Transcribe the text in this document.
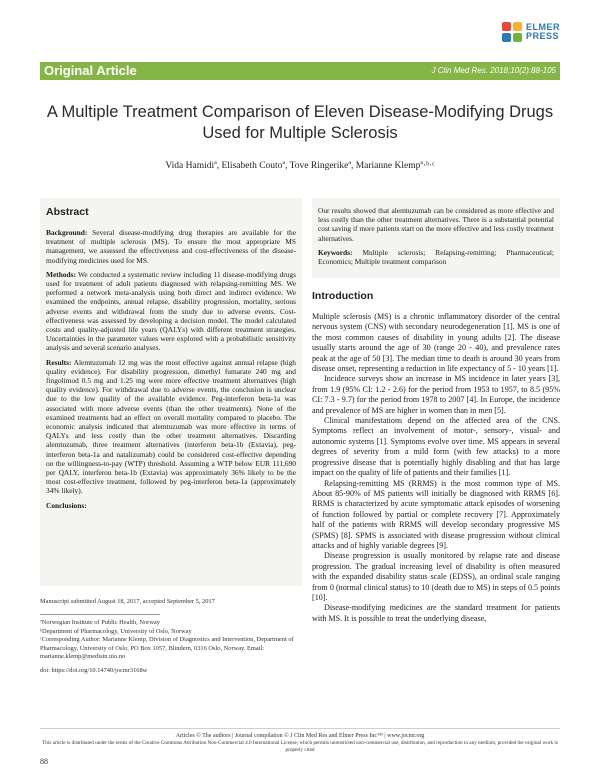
ELMER
PRESS
Original Article	J Clin Med Res. 2018;10(2):88-105
A Multiple Treatment Comparison of Eleven Disease-Modifying Drugs Used for Multiple Sclerosis
Vida Hamidiª, Elisabeth Coutoª, Tove Ringerikeª, Marianne Klempª·ᵇ·ᶜ
Abstract

Background: Several disease-modifying drug therapies are available for the treatment of multiple sclerosis (MS). To ensure the most appropriate MS management, we assessed the effectiveness and cost-effectiveness of the disease-modifying medicines used for MS.

Methods: We conducted a systematic review including 11 disease-modifying drugs used for treatment of adult patients diagnosed with relapsing-remitting MS. We performed a network meta-analysis using both direct and indirect evidence. We examined the endpoints, annual relapse, disability progression, mortality, serious adverse events and withdrawal from the study due to adverse events. Cost-effectiveness was assessed by developing a decision model. The model calculated costs and quality-adjusted life years (QALYs) with different treatment strategies. Uncertainties in the parameter values were explored with a probabilistic sensitivity analysis and several scenario analyses.

Results: Alemtuzumab 12 mg was the most effective against annual relapse (high quality evidence). For disability progression, dimethyl fumarate 240 mg and fingolimod 0.5 mg and 1.25 mg were more effective treatment alternatives (high quality evidence). For withdrawal due to adverse events, the conclusion is unclear due to the low quality of the available evidence. Peg-interferon beta-1a was associated with more adverse events (than the other treatments). None of the examined treatments had an effect on overall mortality compared to placebo. The economic analysis indicated that alemtuzumab was more effective in terms of QALYs and less costly than the other treatment alternatives. Discarding alemtuzumab, three treatment alternatives (interferon beta-1b (Extavia), peg-interferon beta-1a and natalizumab) could be considered cost-effective depending on the willingness-to-pay (WTP) threshold. Assuming a WTP below EUR 111,690 per QALY, interferon beta-1b (Extavia) was approximately 36% likely to be the most cost-effective treatment, followed by peg-interferon beta-1a (approximately 34% likely).

Conclusions:

Manuscript submitted August 18, 2017, accepted September 5, 2017

ªNorwegian Institute of Public Health, Norway

ᵇDepartment of Pharmacology, University of Oslo, Norway

ᶜCorresponding Author: Marianne Klemp, Division of Diagnostics and Intervention, Department of Pharmacology, University of Oslo, PO Box 1057, Blindern, 0316 Oslo, Norway. Email: marianne.klemp@medisin.uio.no

doi: https://doi.org/10.14740/jocmr3168w

Our results showed that alemtuzumab can be considered as more effective and less costly than the other treatment alternatives. There is a substantial potential cost saving if more patients start on the more effective and less costly treatment alternatives.

Keywords: Multiple sclerosis; Relapsing-remitting; Pharmaceutical; Economics; Multiple treatment comparison

Introduction

Multiple sclerosis (MS) is a chronic inflammatory disorder of the central nervous system (CNS) with secondary neurodegeneration [1]. MS is one of the most common causes of disability in young adults [2]. The disease usually starts around the age of 30 (range 20 - 40), and prevalence rates peak at the age of 50 [3]. The median time to death is around 30 years from disease onset, representing a reduction in life expectancy of 5 - 10 years [1].

Incidence surveys show an increase in MS incidence in later years [3], from 1.9 (95% CI: 1.2 - 2.6) for the period from 1953 to 1957, to 8.5 (95% CI: 7.3 - 9.7) for the period from 1978 to 2007 [4]. In Europe, the incidence and prevalence of MS are higher in women than in men [5].

Clinical manifestations depend on the affected area of the CNS. Symptoms reflect an involvement of motor-, sensory-, visual- and autonomic systems [1]. Symptoms evolve over time. MS appears in several degrees of severity from a mild form (with few attacks) to a more progressive disease that is potentially highly disabling and that has large impact on the quality of life of patients and their families [1].

Relapsing-remitting MS (RRMS) is the most common type of MS. About 85-90% of MS patients will initially be diagnosed with RRMS [6]. RRMS is characterized by acute symptomatic attack episodes of worsening of function followed by partial or complete recovery [7]. Approximately half of the patients with RRMS will develop secondary progressive MS (SPMS) [8]. SPMS is associated with disease progression without clinical attacks and of highly variable degrees [9].

Disease progression is usually monitored by relapse rate and disease progression. The gradual increasing level of disability is often measured with the expanded disability status scale (EDSS), an ordinal scale ranging from 0 (normal clinical status) to 10 (death due to MS) in steps of 0.5 points [10].

Disease-modifying medicines are the standard treatment for patients with MS. It is possible to treat the underlying disease,

Articles © The authors | Journal compilation © J Clin Med Res and Elmer Press Inc™ | www.jocmr.org
This article is distributed under the terms of the Creative Commons Attribution Non-Commercial 4.0 International License, which permits unrestricted non-commercial use, distribution, and reproduction in any medium, provided the original work is properly cited
88
